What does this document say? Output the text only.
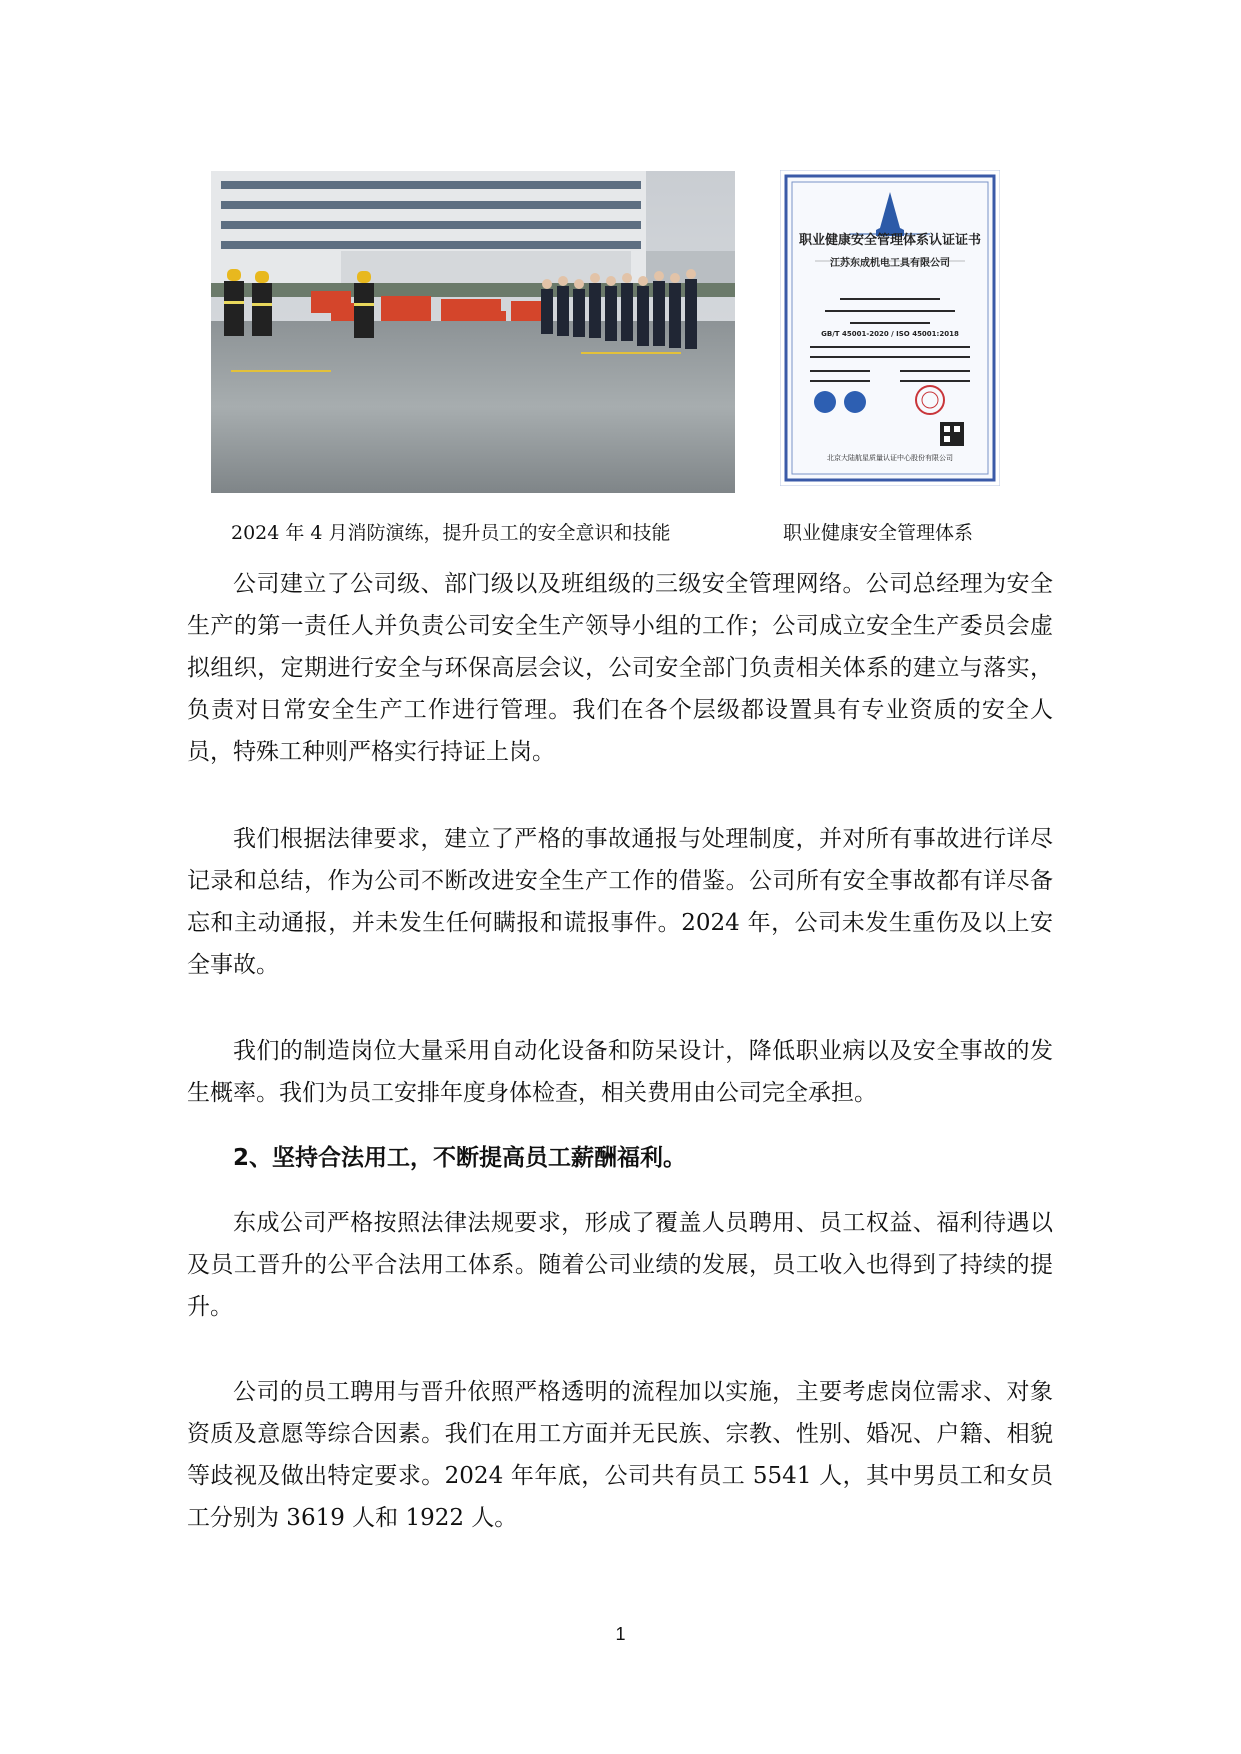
职业健康安全管理体系认证证书
江苏东成机电工具有限公司
GB/T 45001-2020 / ISO 45001:2018
北京大陆航星质量认证中心股份有限公司
2024 年 4 月消防演练，提升员工的安全意识和技能	职业健康安全管理体系

公司建立了公司级、部门级以及班组级的三级安全管理网络。公司总经理为安全生产的第一责任人并负责公司安全生产领导小组的工作；公司成立安全生产委员会虚拟组织，定期进行安全与环保高层会议，公司安全部门负责相关体系的建立与落实，负责对日常安全生产工作进行管理。我们在各个层级都设置具有专业资质的安全人员，特殊工种则严格实行持证上岗。

我们根据法律要求，建立了严格的事故通报与处理制度，并对所有事故进行详尽记录和总结，作为公司不断改进安全生产工作的借鉴。公司所有安全事故都有详尽备忘和主动通报，并未发生任何瞒报和谎报事件。2024 年，公司未发生重伤及以上安全事故。

我们的制造岗位大量采用自动化设备和防呆设计，降低职业病以及安全事故的发生概率。我们为员工安排年度身体检查，相关费用由公司完全承担。

2、坚持合法用工，不断提高员工薪酬福利。

东成公司严格按照法律法规要求，形成了覆盖人员聘用、员工权益、福利待遇以及员工晋升的公平合法用工体系。随着公司业绩的发展，员工收入也得到了持续的提升。

公司的员工聘用与晋升依照严格透明的流程加以实施，主要考虑岗位需求、对象资质及意愿等综合因素。我们在用工方面并无民族、宗教、性别、婚况、户籍、相貌等歧视及做出特定要求。2024 年年底，公司共有员工 5541 人，其中男员工和女员工分别为 3619 人和 1922 人。

1
